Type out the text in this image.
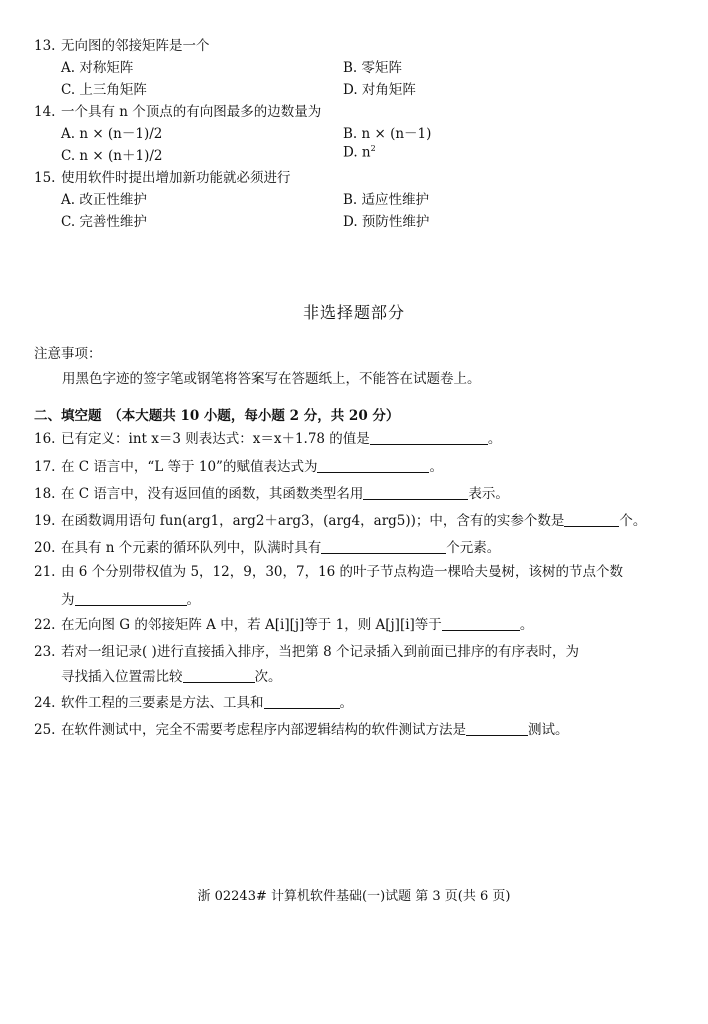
13. 无向图的邻接矩阵是一个
A. 对称矩阵	B. 零矩阵
C. 上三角矩阵	D. 对角矩阵
14. 一个具有 n 个顶点的有向图最多的边数量为
A. n × (n－1)/2	B. n × (n－1)
C. n × (n＋1)/2	D. $n^2$
15. 使用软件时提出增加新功能就必须进行
A. 改正性维护	B. 适应性维护
C. 完善性维护	D. 预防性维护
非选择题部分
注意事项：
用黑色字迹的签字笔或钢笔将答案写在答题纸上，不能答在试题卷上。
二、填空题　（本大题共 10 小题，每小题 2 分，共 20 分）
16. 已有定义：int x＝3 则表达式：x＝x＋1.78 的值是	。
17. 在 C 语言中，“L 等于 10”的赋值表达式为	。
18. 在 C 语言中，没有返回值的函数，其函数类型名用	表示。
19. 在函数调用语句 fun(arg1，arg2＋arg3，(arg4，arg5))；中，含有的实参个数是	个。
20. 在具有 n 个元素的循环队列中，队满时具有	个元素。
21. 由 6 个分别带权值为 5，12，9，30，7，16 的叶子节点构造一棵哈夫曼树，该树的节点个数
为	。
22. 在无向图 G 的邻接矩阵 A 中，若 A[i][j]等于 1，则 A[j][i]等于	。
23. 若对一组记录( )进行直接插入排序，当把第 8 个记录插入到前面已排序的有序表时，为
寻找插入位置需比较	次。
24. 软件工程的三要素是方法、工具和	。
25. 在软件测试中，完全不需要考虑程序内部逻辑结构的软件测试方法是	测试。
浙 02243# 计算机软件基础(一)试题 第 3 页(共 6 页)
